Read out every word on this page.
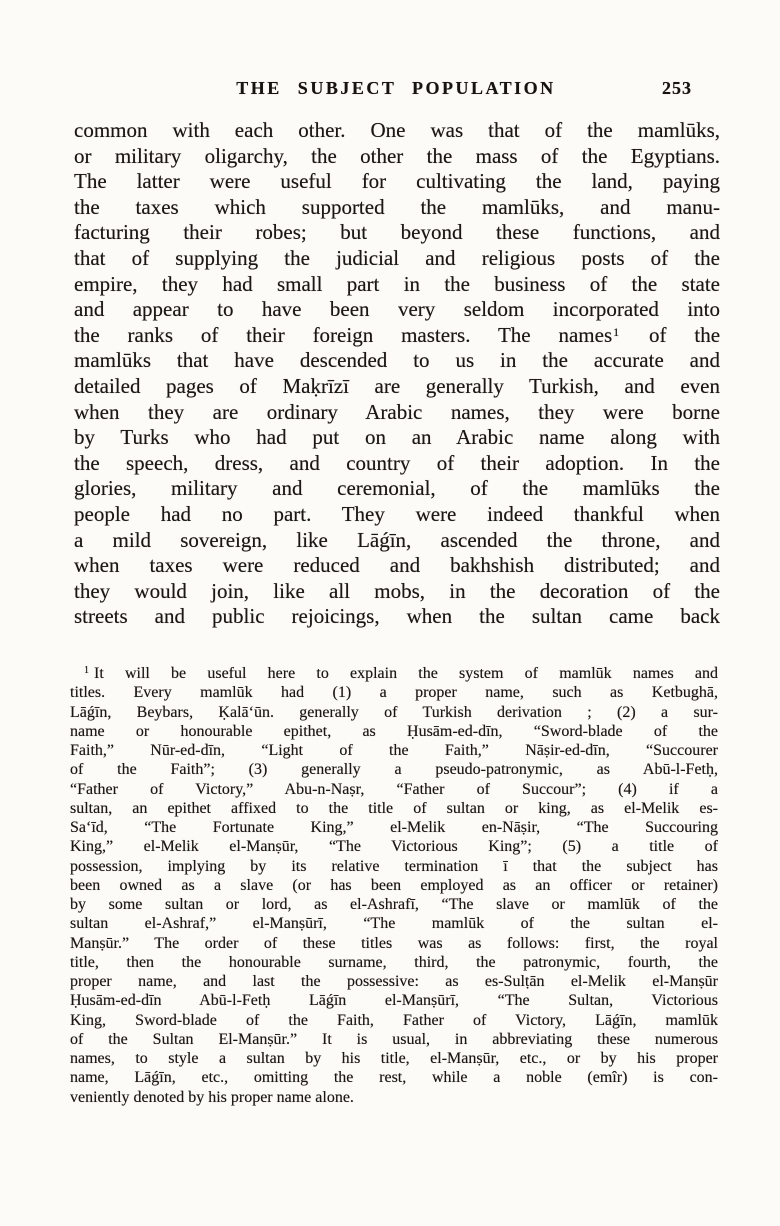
THE SUBJECT POPULATION	253
common with each other. One was that of the mamlūks,
or military oligarchy, the other the mass of the Egyptians.
The latter were useful for cultivating the land, paying
the taxes which supported the mamlūks, and manu-
facturing their robes; but beyond these functions, and
that of supplying the judicial and religious posts of the
empire, they had small part in the business of the state
and appear to have been very seldom incorporated into
the ranks of their foreign masters. The names$^1$ of the
mamlūks that have descended to us in the accurate and
detailed pages of Maḳrīzī are generally Turkish, and even
when they are ordinary Arabic names, they were borne
by Turks who had put on an Arabic name along with
the speech, dress, and country of their adoption. In the
glories, military and ceremonial, of the mamlūks the
people had no part. They were indeed thankful when
a mild sovereign, like Lāǵīn, ascended the throne, and
when taxes were reduced and bakhshish distributed; and
they would join, like all mobs, in the decoration of the
streets and public rejoicings, when the sultan came back
$^1$ It will be useful here to explain the system of mamlūk names and
titles. Every mamlūk had (1) a proper name, such as Ketbughā,
Lāǵīn, Beybars, Ḳalā‘ūn. generally of Turkish derivation ; (2) a sur-
name or honourable epithet, as Ḥusām-ed-dīn, “Sword-blade of the
Faith,” Nūr-ed-dīn, “Light of the Faith,” Nāṣir-ed-dīn, “Succourer
of the Faith”; (3) generally a pseudo-patronymic, as Abū-l-Fetḥ,
“Father of Victory,” Abu-n-Naṣr, “Father of Succour”; (4) if a
sultan, an epithet affixed to the title of sultan or king, as el-Melik es-
Sa‘īd, “The Fortunate King,” el-Melik en-Nāṣir, “The Succouring
King,” el-Melik el-Manṣūr, “The Victorious King”; (5) a title of
possession, implying by its relative termination ī that the subject has
been owned as a slave (or has been employed as an officer or retainer)
by some sultan or lord, as el-Ashrafī, “The slave or mamlūk of the
sultan el-Ashraf,” el-Manṣūrī, “The mamlūk of the sultan el-
Manṣūr.” The order of these titles was as follows: first, the royal
title, then the honourable surname, third, the patronymic, fourth, the
proper name, and last the possessive: as es-Sulṭān el-Melik el-Manṣūr
Ḥusām-ed-dīn Abū-l-Fetḥ Lāǵīn el-Manṣūrī, “The Sultan, Victorious
King, Sword-blade of the Faith, Father of Victory, Lāǵīn, mamlūk
of the Sultan El-Manṣūr.” It is usual, in abbreviating these numerous
names, to style a sultan by his title, el-Manṣūr, etc., or by his proper
name, Lāǵīn, etc., omitting the rest, while a noble (emîr) is con-
veniently denoted by his proper name alone.
